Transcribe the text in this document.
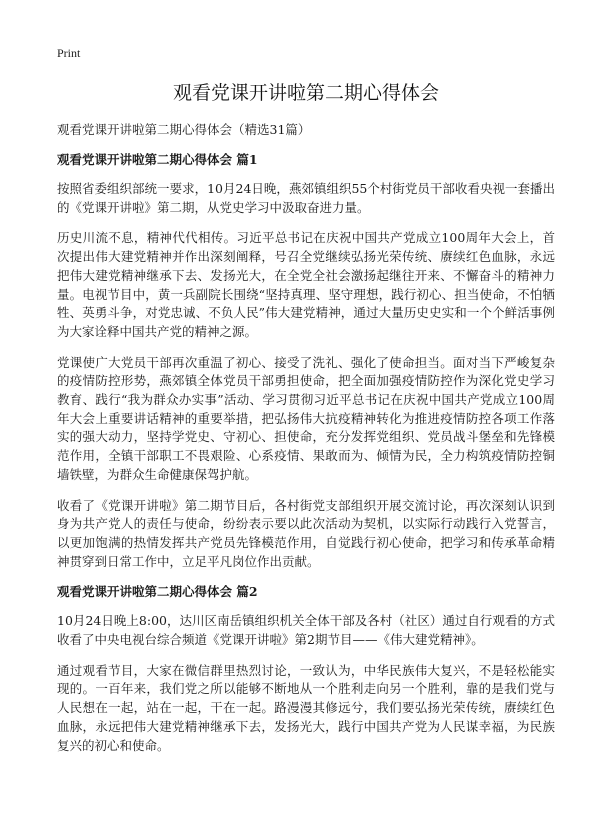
Print
观看党课开讲啦第二期心得体会

观看党课开讲啦第二期心得体会（精选31篇）

观看党课开讲啦第二期心得体会 篇1

按照省委组织部统一要求，10月24日晚，燕郊镇组织55个村街党员干部收看央视一套播出的《党课开讲啦》第二期，从党史学习中汲取奋进力量。

历史川流不息，精神代代相传。习近平总书记在庆祝中国共产党成立100周年大会上，首次提出伟大建党精神并作出深刻阐释，号召全党继续弘扬光荣传统、赓续红色血脉，永远把伟大建党精神继承下去、发扬光大，在全党全社会激扬起继往开来、不懈奋斗的精神力量。电视节目中，黄一兵副院长围绕“坚持真理、坚守理想，践行初心、担当使命，不怕牺牲、英勇斗争，对党忠诚、不负人民”伟大建党精神，通过大量历史史实和一个个鲜活事例为大家诠释中国共产党的精神之源。

党课使广大党员干部再次重温了初心、接受了洗礼、强化了使命担当。面对当下严峻复杂的疫情防控形势，燕郊镇全体党员干部勇担使命，把全面加强疫情防控作为深化党史学习教育、践行“我为群众办实事”活动、学习贯彻习近平总书记在庆祝中国共产党成立100周年大会上重要讲话精神的重要举措，把弘扬伟大抗疫精神转化为推进疫情防控各项工作落实的强大动力，坚持学党史、守初心、担使命，充分发挥党组织、党员战斗堡垒和先锋模范作用，全镇干部职工不畏艰险、心系疫情、果敢而为、倾情为民，全力构筑疫情防控铜墙铁壁，为群众生命健康保驾护航。

收看了《党课开讲啦》第二期节目后，各村街党支部组织开展交流讨论，再次深刻认识到身为共产党人的责任与使命，纷纷表示要以此次活动为契机，以实际行动践行入党誓言，以更加饱满的热情发挥共产党员先锋模范作用，自觉践行初心使命，把学习和传承革命精神贯穿到日常工作中，立足平凡岗位作出贡献。

观看党课开讲啦第二期心得体会 篇2

10月24日晚上8:00，达川区南岳镇组织机关全体干部及各村（社区）通过自行观看的方式收看了中央电视台综合频道《党课开讲啦》第2期节目——《伟大建党精神》。

通过观看节目，大家在微信群里热烈讨论，一致认为，中华民族伟大复兴，不是轻松能实现的。一百年来，我们党之所以能够不断地从一个胜利走向另一个胜利，靠的是我们党与人民想在一起，站在一起，干在一起。路漫漫其修远兮，我们要弘扬光荣传统，赓续红色血脉，永远把伟大建党精神继承下去，发扬光大，践行中国共产党为人民谋幸福，为民族复兴的初心和使命。
